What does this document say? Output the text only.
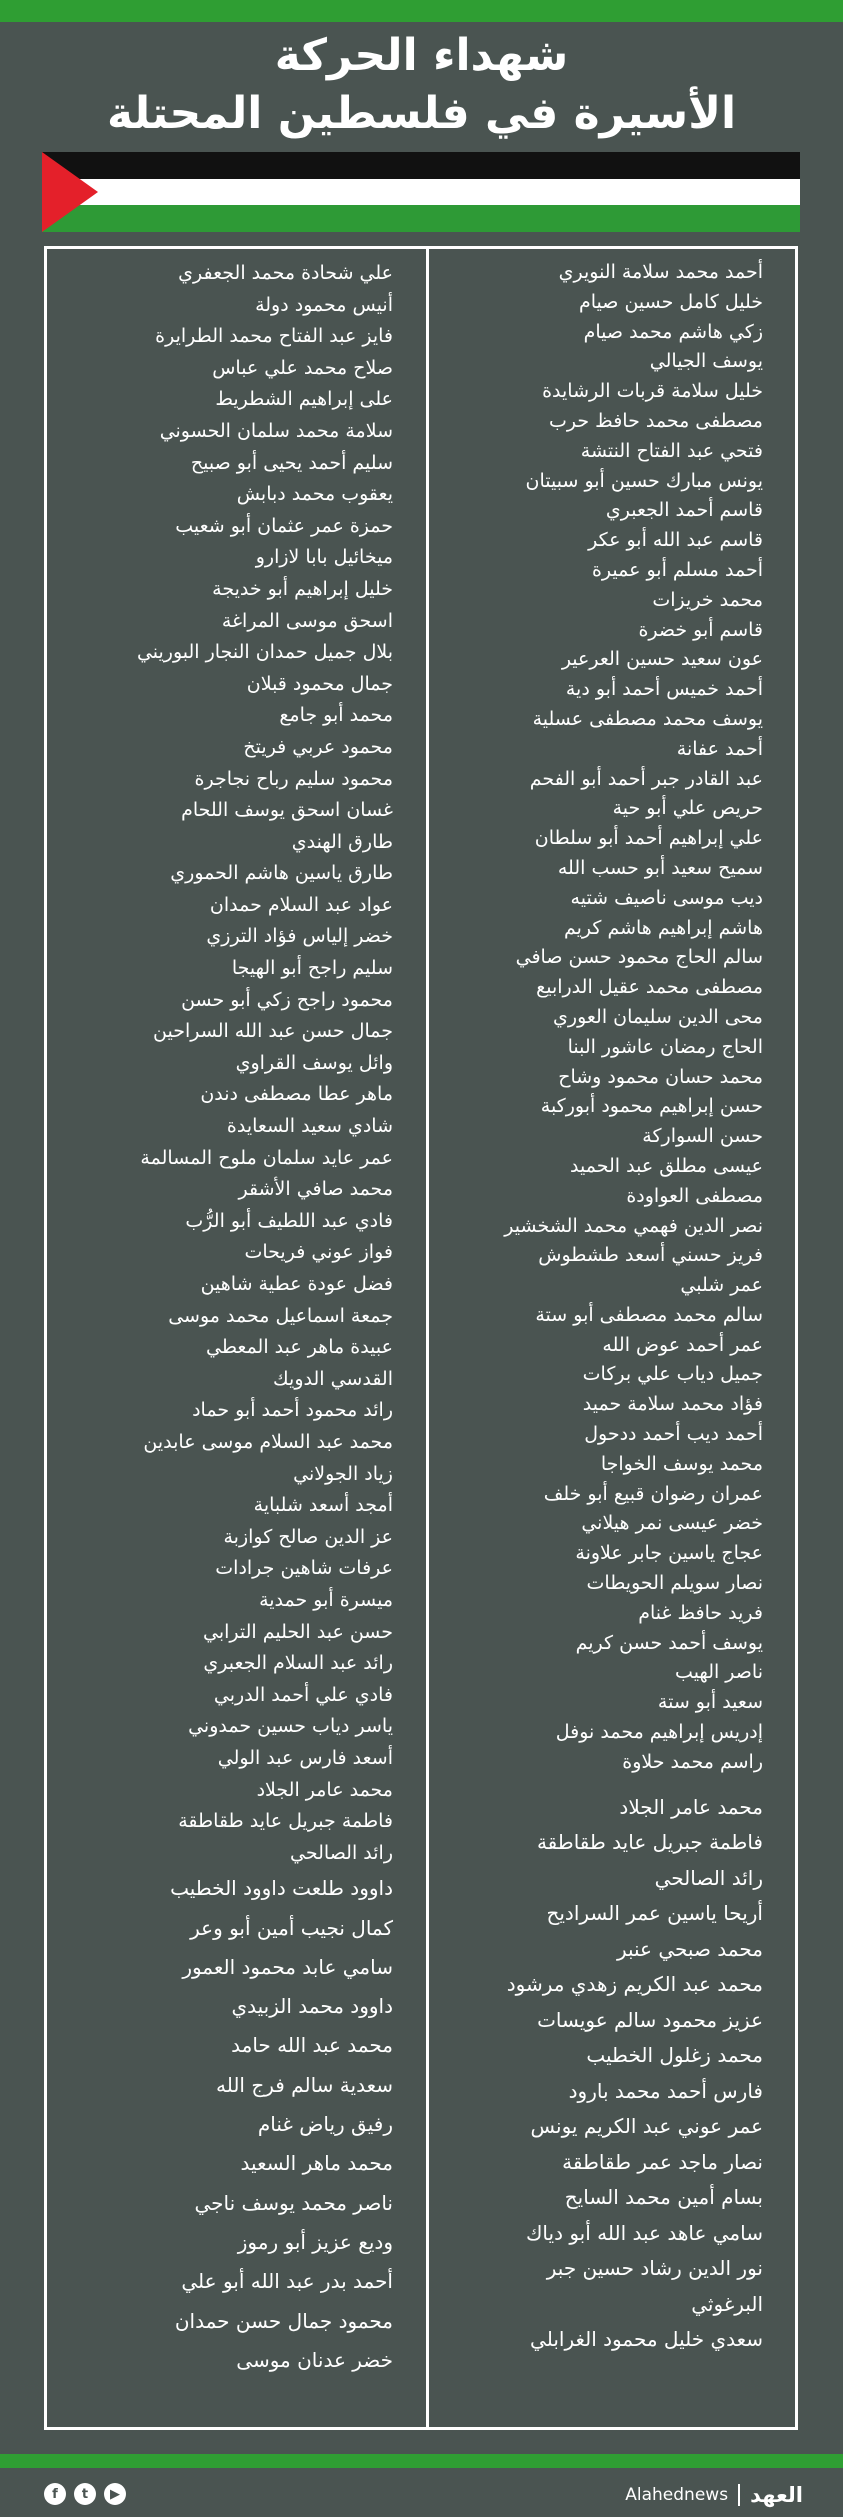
شهداء الحركة
الأسيرة في فلسطين المحتلة
أحمد محمد سلامة النويري
خليل كامل حسين صيام
زكي هاشم محمد صيام
يوسف الجيالي
خليل سلامة قربات الرشايدة
مصطفى محمد حافظ حرب
فتحي عبد الفتاح النتشة
يونس مبارك حسين أبو سبيتان
قاسم أحمد الجعبري
قاسم عبد الله أبو عكر
أحمد مسلم أبو عميرة
محمد خريزات
قاسم أبو خضرة
عون سعيد حسين العرعير
أحمد خميس أحمد أبو دية
يوسف محمد مصطفى عسلية
أحمد عفانة
عبد القادر جبر أحمد أبو الفحم
حريص علي أبو حية
علي إبراهيم أحمد أبو سلطان
سميح سعيد أبو حسب الله
ديب موسى ناصيف شتيه
هاشم إبراهيم هاشم كريم
سالم الحاج محمود حسن صافي
مصطفى محمد عقيل الدرابيع
محى الدين سليمان العوري
الحاج رمضان عاشور البنا
محمد حسان محمود وشاح
حسن إبراهيم محمود أبوركبة
حسن السواركة
عيسى مطلق عبد الحميد
مصطفى العواودة
نصر الدين فهمي محمد الشخشير
فريز حسني أسعد طشطوش
عمر شلبي
سالم محمد مصطفى أبو ستة
عمر أحمد عوض الله
جميل دياب علي بركات
فؤاد محمد سلامة حميد
أحمد ديب أحمد ددحول
محمد يوسف الخواجا
عمران رضوان قبيع أبو خلف
خضر عيسى نمر هيلاني
عجاج ياسين جابر علاونة
نصار سويلم الحويطات
فريد حافظ غنام
يوسف أحمد حسن كريم
ناصر الهيب
سعيد أبو ستة
إدريس إبراهيم محمد نوفل
راسم محمد حلاوة
محمد عامر الجلاد
فاطمة جبريل عايد طقاطقة
رائد الصالحي
أريحا ياسين عمر السراديح
محمد صبحي عنبر
محمد عبد الكريم زهدي مرشود
عزيز محمود سالم عويسات
محمد زغلول الخطيب
فارس أحمد محمد بارود
عمر عوني عبد الكريم يونس
نصار ماجد عمر طقاطقة
بسام أمين محمد السايح
سامي عاهد عبد الله أبو دياك
نور الدين رشاد حسين جبر
البرغوثي
سعدي خليل محمود الغرابلي
علي شحادة محمد الجعفري
أنيس محمود دولة
فايز عبد الفتاح محمد الطرايرة
صلاح محمد علي عباس
على إبراهيم الشطريط
سلامة محمد سلمان الحسوني
سليم أحمد يحيى أبو صبيح
يعقوب محمد دبابش
حمزة عمر عثمان أبو شعيب
ميخائيل بابا لازارو
خليل إبراهيم أبو خديجة
اسحق موسى المراغة
بلال جميل حمدان النجار البوريني
جمال محمود قبلان
محمد أبو جامع
محمود عربي فريتخ
محمود سليم رباح نجاجرة
غسان اسحق يوسف اللحام
طارق الهندي
طارق ياسين هاشم الحموري
عواد عبد السلام حمدان
خضر إلياس فؤاد الترزي
سليم راجح أبو الهيجا
محمود راجح زكي أبو حسن
جمال حسن عبد الله السراحين
وائل يوسف القراوي
ماهر عطا مصطفى دندن
شادي سعيد السعايدة
عمر عايد سلمان ملوح المسالمة
محمد صافي الأشقر
فادي عبد اللطيف أبو الرُّب
فواز عوني فريحات
فضل عودة عطية شاهين
جمعة اسماعيل محمد موسى
عبيدة ماهر عبد المعطي
القدسي الدويك
رائد محمود أحمد أبو حماد
محمد عبد السلام موسى عابدين
زياد الجولاني
أمجد أسعد شلباية
عز الدين صالح كوازبة
عرفات شاهين جرادات
ميسرة أبو حمدية
حسن عبد الحليم الترابي
رائد عبد السلام الجعبري
فادي علي أحمد الدربي
ياسر دياب حسين حمدوني
أسعد فارس عبد الولي
محمد عامر الجلاد
فاطمة جبريل عايد طقاطقة
رائد الصالحي
داوود طلعت داوود الخطيب
كمال نجيب أمين أبو وعر
سامي عابد محمود العمور
داوود محمد الزبيدي
محمد عبد الله حامد
سعدية سالم فرج الله
رفيق رياض غنام
محمد ماهر السعيد
ناصر محمد يوسف ناجي
وديع عزيز أبو رموز
أحمد بدر عبد الله أبو علي
محمود جمال حسن حمدان
خضر عدنان موسى
f	t	▶	Alahednews العهد
